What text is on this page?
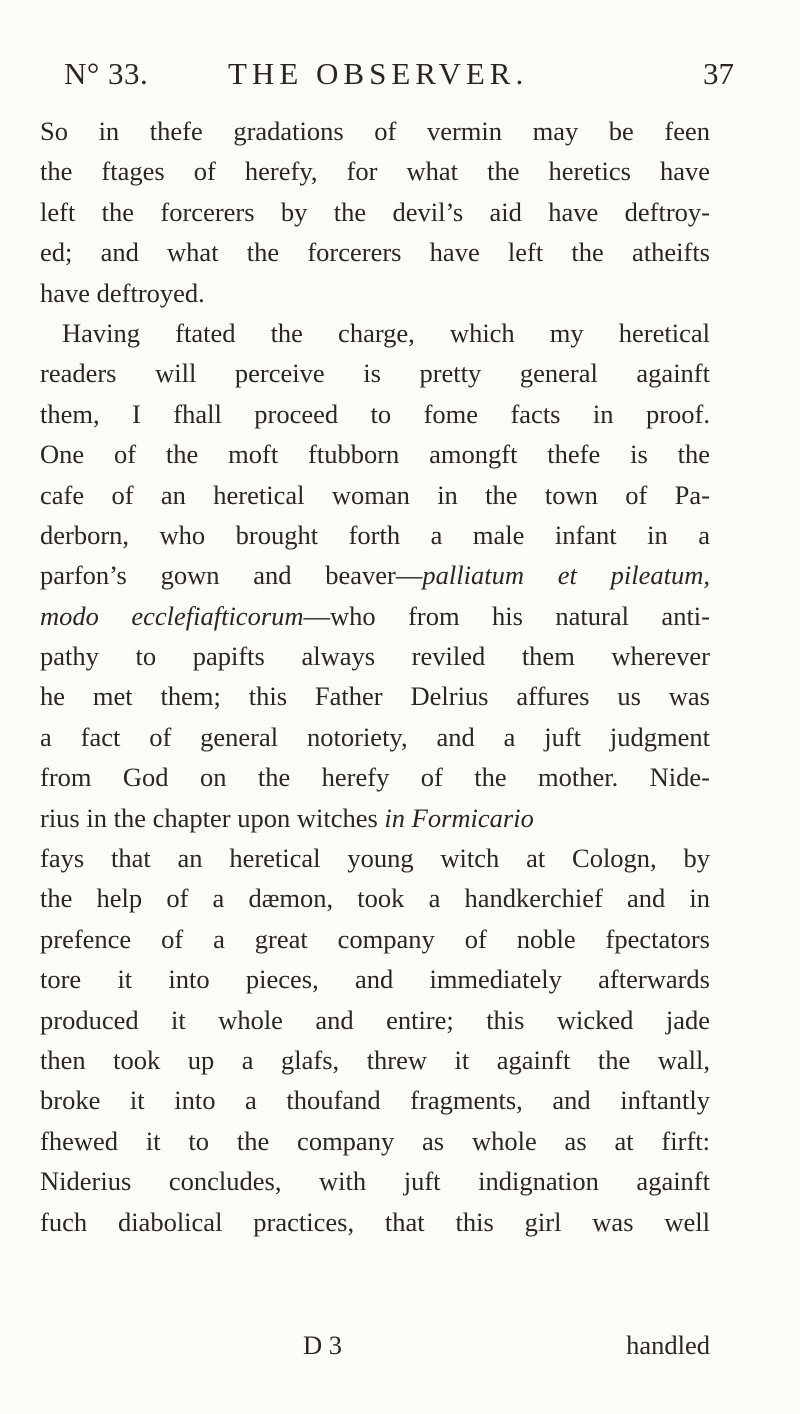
N° 33.	THE OBSERVER.	37
So in thefe gradations of vermin may be feen
the ftages of herefy, for what the heretics have
left the forcerers by the devil’s aid have deftroy-
ed; and what the forcerers have left the atheifts
have deftroyed.
Having ftated the charge, which my heretical
readers will perceive is pretty general againft
them, I fhall proceed to fome facts in proof.
One of the moft ftubborn amongft thefe is the
cafe of an heretical woman in the town of Pa-
derborn, who brought forth a male infant in a
parfon’s gown and beaver—palliatum et pileatum,
modo ecclefiafticorum—who from his natural anti-
pathy to papifts always reviled them wherever
he met them; this Father Delrius affures us was
a fact of general notoriety, and a juft judgment
from God on the herefy of the mother. Nide-
rius in the chapter upon witches in Formicario
fays that an heretical young witch at Cologn, by
the help of a dæmon, took a handkerchief and in
prefence of a great company of noble fpectators
tore it into pieces, and immediately afterwards
produced it whole and entire; this wicked jade
then took up a glafs, threw it againft the wall,
broke it into a thoufand fragments, and inftantly
fhewed it to the company as whole as at firft:
Niderius concludes, with juft indignation againft
fuch diabolical practices, that this girl was well
D 3	handled
